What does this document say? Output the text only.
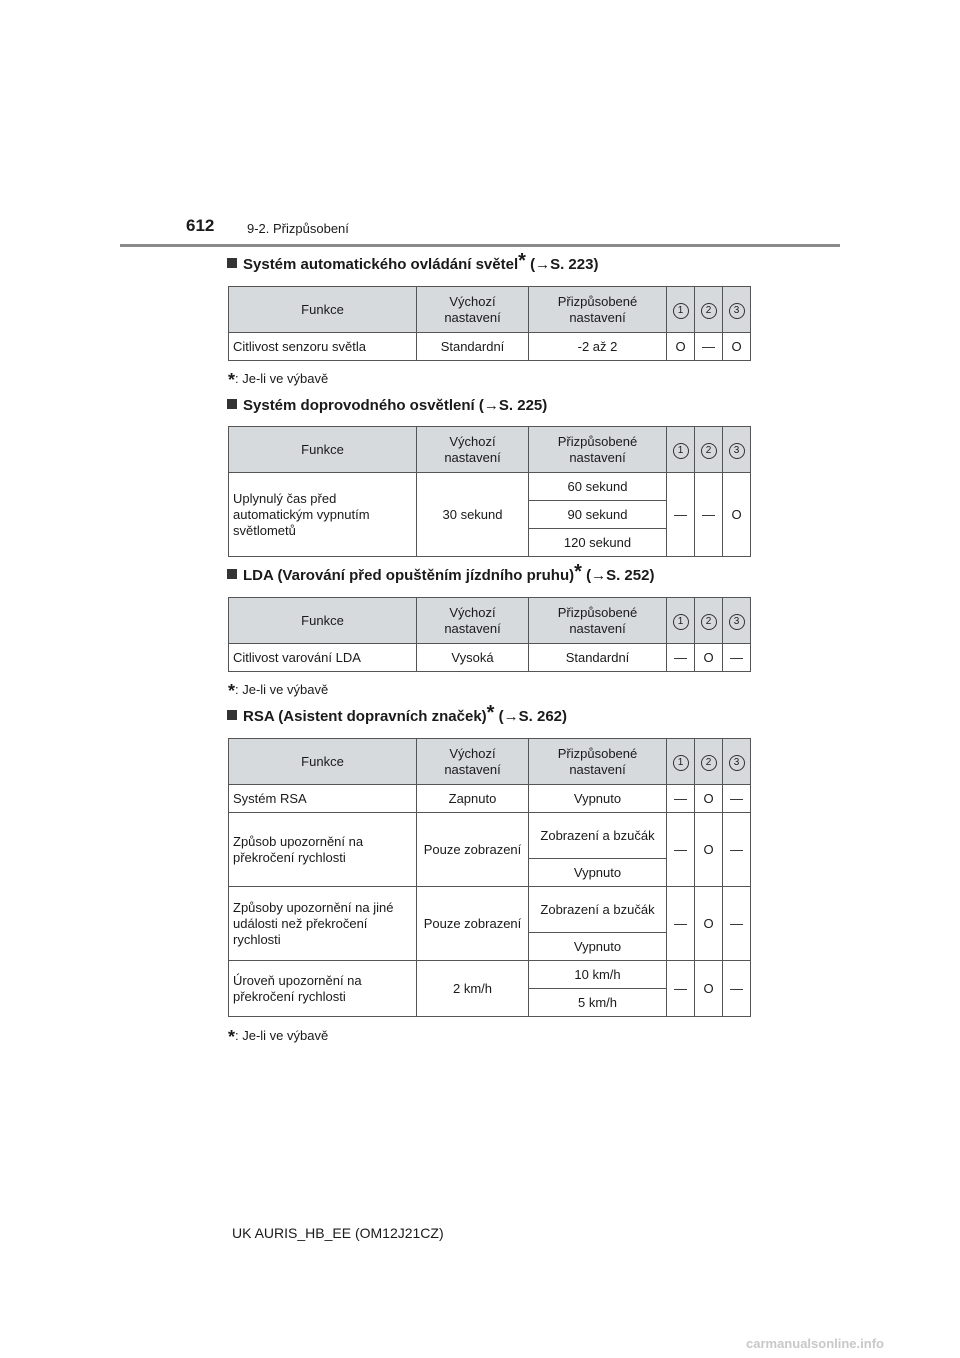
612	9-2. Přizpůsobení
Systém automatického ovládání světel* (→S. 223)
Funkce	Výchozí nastavení	Přizpůsobené nastavení	1	2	3
Citlivost senzoru světla	Standardní	-2 až 2	O	—	O
*: Je-li ve výbavě
Systém doprovodného osvětlení (→S. 225)
Funkce	Výchozí nastavení	Přizpůsobené nastavení	1	2	3
Uplynulý čas před automatickým vypnutím světlometů	30 sekund	60 sekund	—	—	O
		90 sekund			
		120 sekund			
LDA (Varování před opuštěním jízdního pruhu)* (→S. 252)
Funkce	Výchozí nastavení	Přizpůsobené nastavení	1	2	3
Citlivost varování LDA	Vysoká	Standardní	—	O	—
*: Je-li ve výbavě
RSA (Asistent dopravních značek)* (→S. 262)
Funkce	Výchozí nastavení	Přizpůsobené nastavení	1	2	3
Systém RSA	Zapnuto	Vypnuto	—	O	—
Způsob upozornění na překročení rychlosti	Pouze zobrazení	Zobrazení a bzučák	—	O	—
		Vypnuto			
Způsoby upozornění na jiné události než překročení rychlosti	Pouze zobrazení	Zobrazení a bzučák	—	O	—
		Vypnuto			
Úroveň upozornění na překročení rychlosti	2 km/h	10 km/h	—	O	—
		5 km/h			
*: Je-li ve výbavě
UK AURIS_HB_EE (OM12J21CZ)
carmanualsonline.info
